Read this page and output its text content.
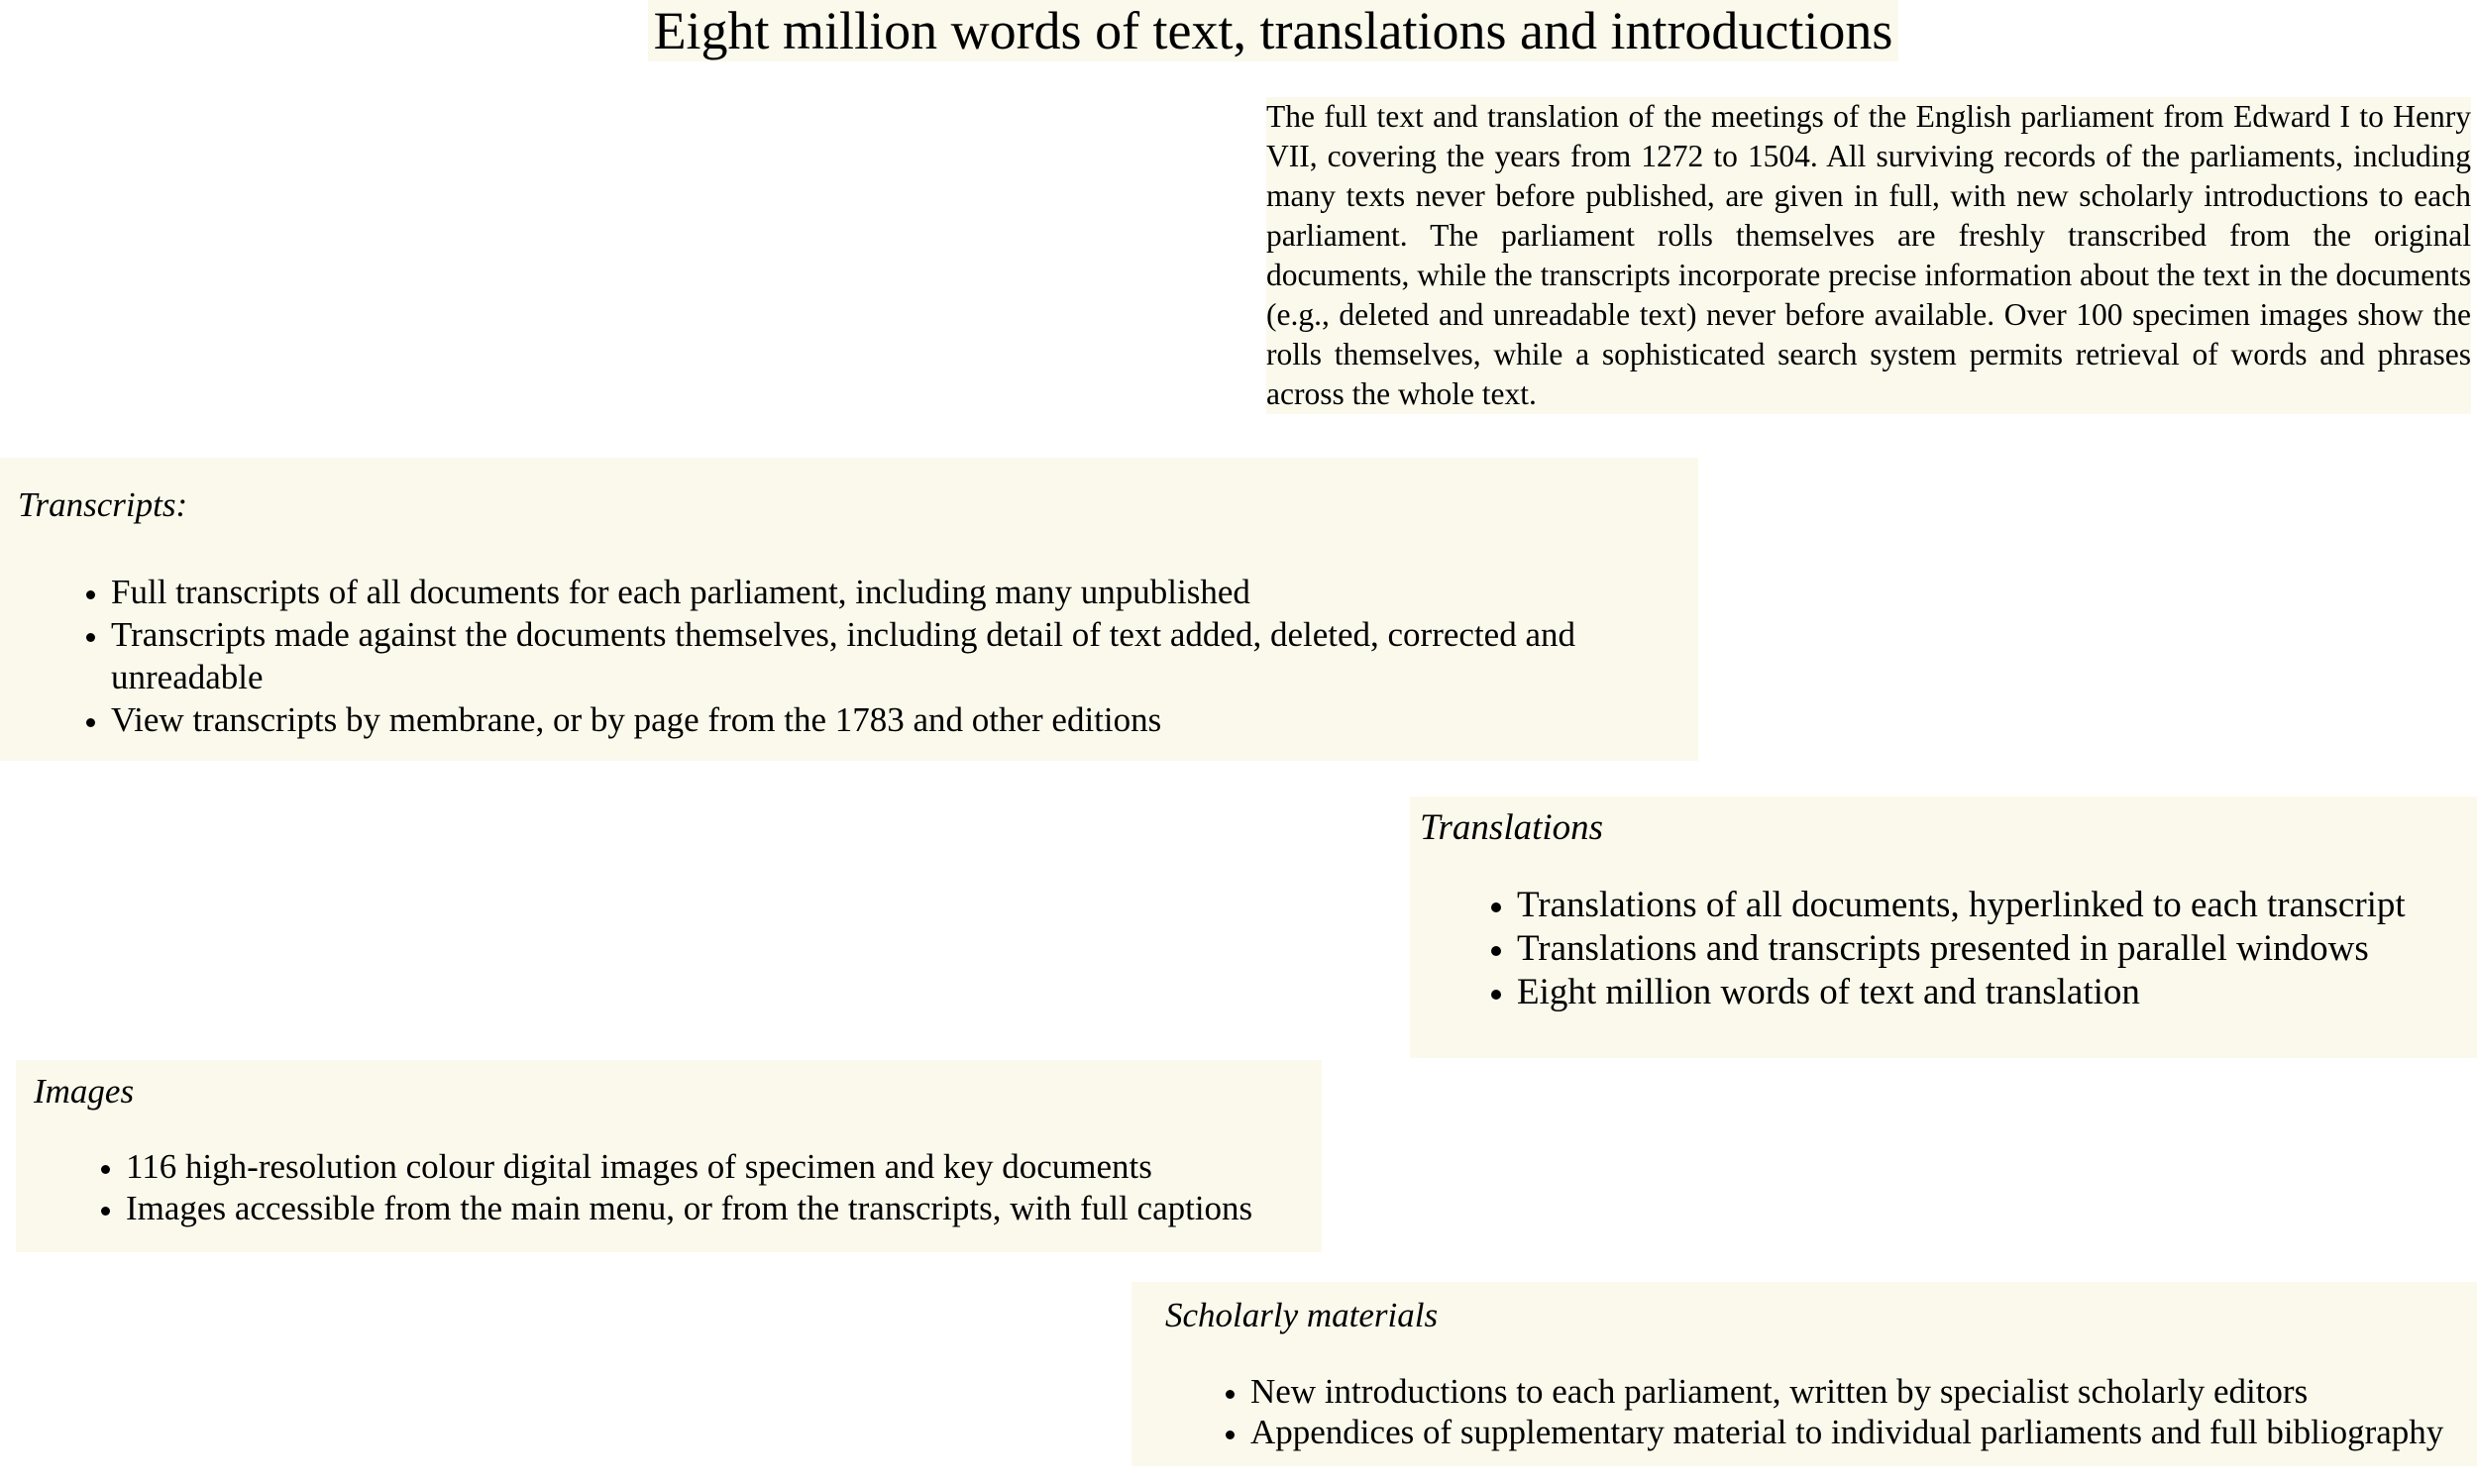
Eight million words of text, translations and introductions

The full text and translation of the meetings of the English parliament from Edward I to Henry VII, covering the years from 1272 to 1504. All surviving records of the parliaments, including many texts never before published, are given in full, with new scholarly introductions to each parliament. The parliament rolls themselves are freshly transcribed from the original documents, while the transcripts incorporate precise information about the text in the documents (e.g., deleted and unreadable text) never before available. Over 100 specimen images show the rolls themselves, while a sophisticated search system permits retrieval of words and phrases across the whole text.

Transcripts:
• Full transcripts of all documents for each parliament, including many unpublished
• Transcripts made against the documents themselves, including detail of text added, deleted, corrected and unreadable
• View transcripts by membrane, or by page from the 1783 and other editions
Translations
• Translations of all documents, hyperlinked to each transcript
• Translations and transcripts presented in parallel windows
• Eight million words of text and translation
Images
• 116 high-resolution colour digital images of specimen and key documents
• Images accessible from the main menu, or from the transcripts, with full captions
Scholarly materials
• New introductions to each parliament, written by specialist scholarly editors
• Appendices of supplementary material to individual parliaments and full bibliography
